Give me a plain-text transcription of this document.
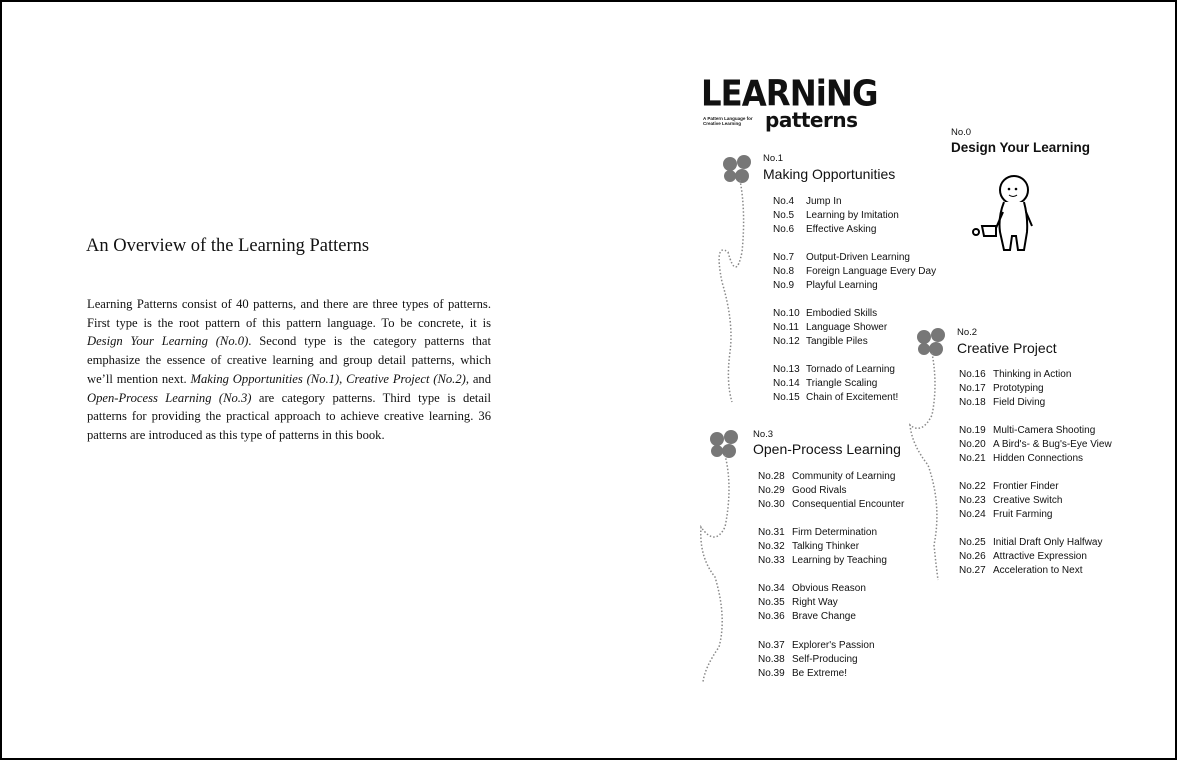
An Overview of the Learning Patterns
Learning Patterns consist of 40 patterns, and there are three types of patterns. First type is the root pattern of this pattern language. To be concrete, it is Design Your Learning (No.0). Second type is the category patterns that emphasize the essence of creative learning and group detail patterns, which we’ll mention next. Making Opportunities (No.1), Creative Project (No.2), and Open-Process Learning (No.3) are category patterns. Third type is detail patterns for providing the practical approach to achieve creative learning. 36 patterns are introduced as this type of patterns in this book.
LEARNiNG
A Pattern Language for Creative Learning	patterns
No.0
Design Your Learning
No.1
Making Opportunities
No.4 Jump In
No.5 Learning by Imitation
No.6 Effective Asking
No.7 Output-Driven Learning
No.8 Foreign Language Every Day
No.9 Playful Learning
No.10 Embodied Skills
No.11 Language Shower
No.12 Tangible Piles
No.13 Tornado of Learning
No.14 Triangle Scaling
No.15 Chain of Excitement!
No.2
Creative Project
No.16 Thinking in Action
No.17 Prototyping
No.18 Field Diving
No.19 Multi-Camera Shooting
No.20 A Bird's- & Bug's-Eye View
No.21 Hidden Connections
No.22 Frontier Finder
No.23 Creative Switch
No.24 Fruit Farming
No.25 Initial Draft Only Halfway
No.26 Attractive Expression
No.27 Acceleration to Next
No.3
Open-Process Learning
No.28 Community of Learning
No.29 Good Rivals
No.30 Consequential Encounter
No.31 Firm Determination
No.32 Talking Thinker
No.33 Learning by Teaching
No.34 Obvious Reason
No.35 Right Way
No.36 Brave Change
No.37 Explorer's Passion
No.38 Self-Producing
No.39 Be Extreme!
